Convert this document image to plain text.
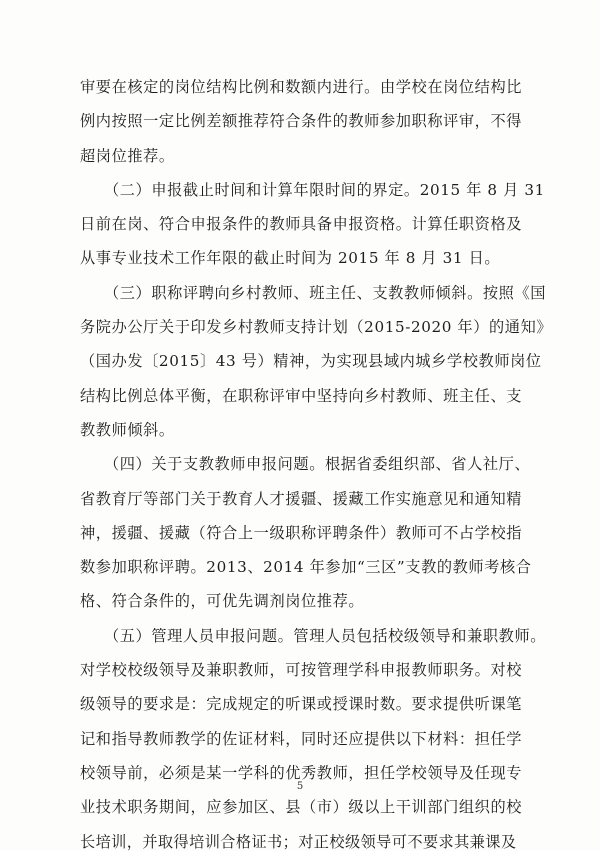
审要在核定的岗位结构比例和数额内进行。由学校在岗位结构比
例内按照一定比例差额推荐符合条件的教师参加职称评审，不得
超岗位推荐。
　　（二）申报截止时间和计算年限时间的界定。2015 年 8 月 31
日前在岗、符合申报条件的教师具备申报资格。计算任职资格及
从事专业技术工作年限的截止时间为 2015 年 8 月 31 日。
　　（三）职称评聘向乡村教师、班主任、支教教师倾斜。按照《国
务院办公厅关于印发乡村教师支持计划（2015-2020 年）的通知》
（国办发〔2015〕43 号）精神，为实现县域内城乡学校教师岗位
结构比例总体平衡，在职称评审中坚持向乡村教师、班主任、支
教教师倾斜。
　　（四）关于支教教师申报问题。根据省委组织部、省人社厅、
省教育厅等部门关于教育人才援疆、援藏工作实施意见和通知精
神，援疆、援藏（符合上一级职称评聘条件）教师可不占学校指
数参加职称评聘。2013、2014 年参加“三区”支教的教师考核合
格、符合条件的，可优先调剂岗位推荐。
　　（五）管理人员申报问题。管理人员包括校级领导和兼职教师。
对学校校级领导及兼职教师，可按管理学科申报教师职务。对校
级领导的要求是：完成规定的听课或授课时数。要求提供听课笔
记和指导教师教学的佐证材料，同时还应提供以下材料：担任学
校领导前，必须是某一学科的优秀教师，担任学校领导及任现专
业技术职务期间，应参加区、县（市）级以上干训部门组织的校
长培训，并取得培训合格证书；对正校级领导可不要求其兼课及
5
